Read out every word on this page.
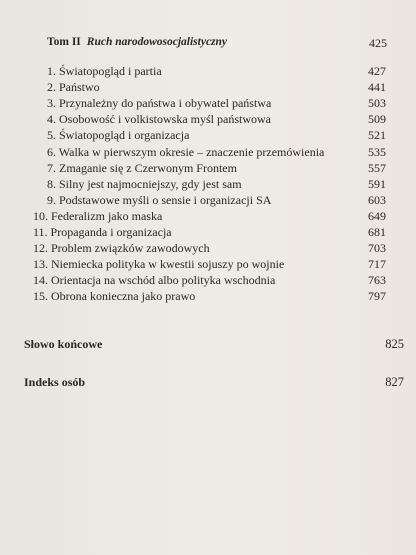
Tom II Ruch narodowosocjalistyczny	425
1. Światopogląd i partia	427
2. Państwo	441
3. Przynależny do państwa i obywatel państwa	503
4. Osobowość i volkistowska myśl państwowa	509
5. Światopogląd i organizacja	521
6. Walka w pierwszym okresie – znaczenie przemówienia	535
7. Zmaganie się z Czerwonym Frontem	557
8. Silny jest najmocniejszy, gdy jest sam	591
9. Podstawowe myśli o sensie i organizacji SA	603
10. Federalizm jako maska	649
11. Propaganda i organizacja	681
12. Problem związków zawodowych	703
13. Niemiecka polityka w kwestii sojuszy po wojnie	717
14. Orientacja na wschód albo polityka wschodnia	763
15. Obrona konieczna jako prawo	797
Słowo końcowe	825
Indeks osób	827
